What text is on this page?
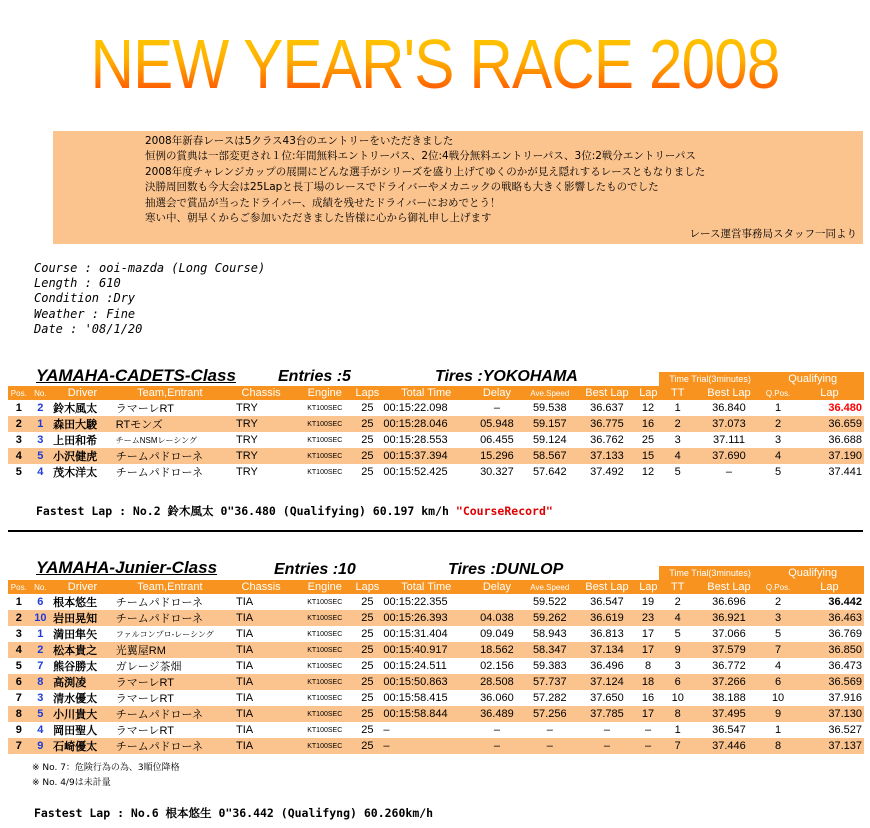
NEW YEAR'S RACE 2008
2008年新春レースは5クラス43台のエントリーをいただきました
恒例の賞典は一部変更され１位:年間無料エントリーパス、2位:4戦分無料エントリーパス、3位:2戦分エントリーパス
2008年度チャレンジカップの展開にどんな選手がシリーズを盛り上げてゆくのかが見え隠れするレースともなりました
決勝周回数も今大会は25Lapと長丁場のレースでドライバーやメカニックの戦略も大きく影響したものでした
抽選会で賞品が当ったドライバー、成績を残せたドライバーにおめでとう！
寒い中、朝早くからご参加いただきました皆様に心から御礼申し上げます
レース運営事務局スタッフ一同より
Course : ooi-mazda (Long Course)
Length : 610
Condition :Dry
Weather : Fine
Date : '08/1/20
YAMAHA-CADETS-Class	Entries :5	Tires :YOKOHAMA
												Time Trial(3minutes)		Qualifying	
Pos.	No.	Driver	Team,Entrant	Chassis	Engine	Laps	Total Time	Delay	Ave.Speed	Best Lap	Lap	TT	Best Lap	Q.Pos.	Lap
1	2	鈴木風太	ラマーレRT	TRY	KT100SEC	25	00:15:22.098	–	59.538	36.637	12	1	36.840	1	36.480
2	1	森田大駿	RTモンズ	TRY	KT100SEC	25	00:15:28.046	05.948	59.157	36.775	16	2	37.073	2	36.659
3	3	上田和希	チームNSMレーシング	TRY	KT100SEC	25	00:15:28.553	06.455	59.124	36.762	25	3	37.111	3	36.688
4	5	小沢健虎	チームパドローネ	TRY	KT100SEC	25	00:15:37.394	15.296	58.567	37.133	15	4	37.690	4	37.190
5	4	茂木洋太	チームパドローネ	TRY	KT100SEC	25	00:15:52.425	30.327	57.642	37.492	12	5	–	5	37.441
Fastest Lap : No.2 鈴木風太 0"36.480 (Qualifying) 60.197 km/h "CourseRecord"
YAMAHA-Junier-Class	Entries :10	Tires :DUNLOP
												Time Trial(3minutes)		Qualifying	
Pos.	No.	Driver	Team,Entrant	Chassis	Engine	Laps	Total Time	Delay	Ave.Speed	Best Lap	Lap	TT	Best Lap	Q.Pos.	Lap
1	6	根本悠生	チームパドローネ	TIA	KT100SEC	25	00:15:22.355		59.522	36.547	19	2	36.696	2	36.442
2	10	岩田晃知	チームパドローネ	TIA	KT100SEC	25	00:15:26.393	04.038	59.262	36.619	23	4	36.921	3	36.463
3	1	満田隼矢	ファルコンプロ-レーシング	TIA	KT100SEC	25	00:15:31.404	09.049	58.943	36.813	17	5	37.066	5	36.769
4	2	松本貴之	光翼屋RM	TIA	KT100SEC	25	00:15:40.917	18.562	58.347	37.134	17	9	37.579	7	36.850
5	7	熊谷勝太	ガレージ茶畑	TIA	KT100SEC	25	00:15:24.511	02.156	59.383	36.496	8	3	36.772	4	36.473
6	8	高渕凌	ラマーレRT	TIA	KT100SEC	25	00:15:50.863	28.508	57.737	37.124	18	6	37.266	6	36.569
7	3	清水優太	ラマーレRT	TIA	KT100SEC	25	00:15:58.415	36.060	57.282	37.650	16	10	38.188	10	37.916
8	5	小川貴大	チームパドローネ	TIA	KT100SEC	25	00:15:58.844	36.489	57.256	37.785	17	8	37.495	9	37.130
9	4	岡田聖人	ラマーレRT	TIA	KT100SEC	25	–	–	–	–	–	1	36.547	1	36.527
7	9	石崎優太	チームパドローネ	TIA	KT100SEC	25	–	–	–	–	–	7	37.446	8	37.137
※ No. 7：危険行為の為、3順位降格
※ No. 4/9は未計量
Fastest Lap : No.6 根本悠生 0"36.442 (Qualifyng) 60.260km/h
